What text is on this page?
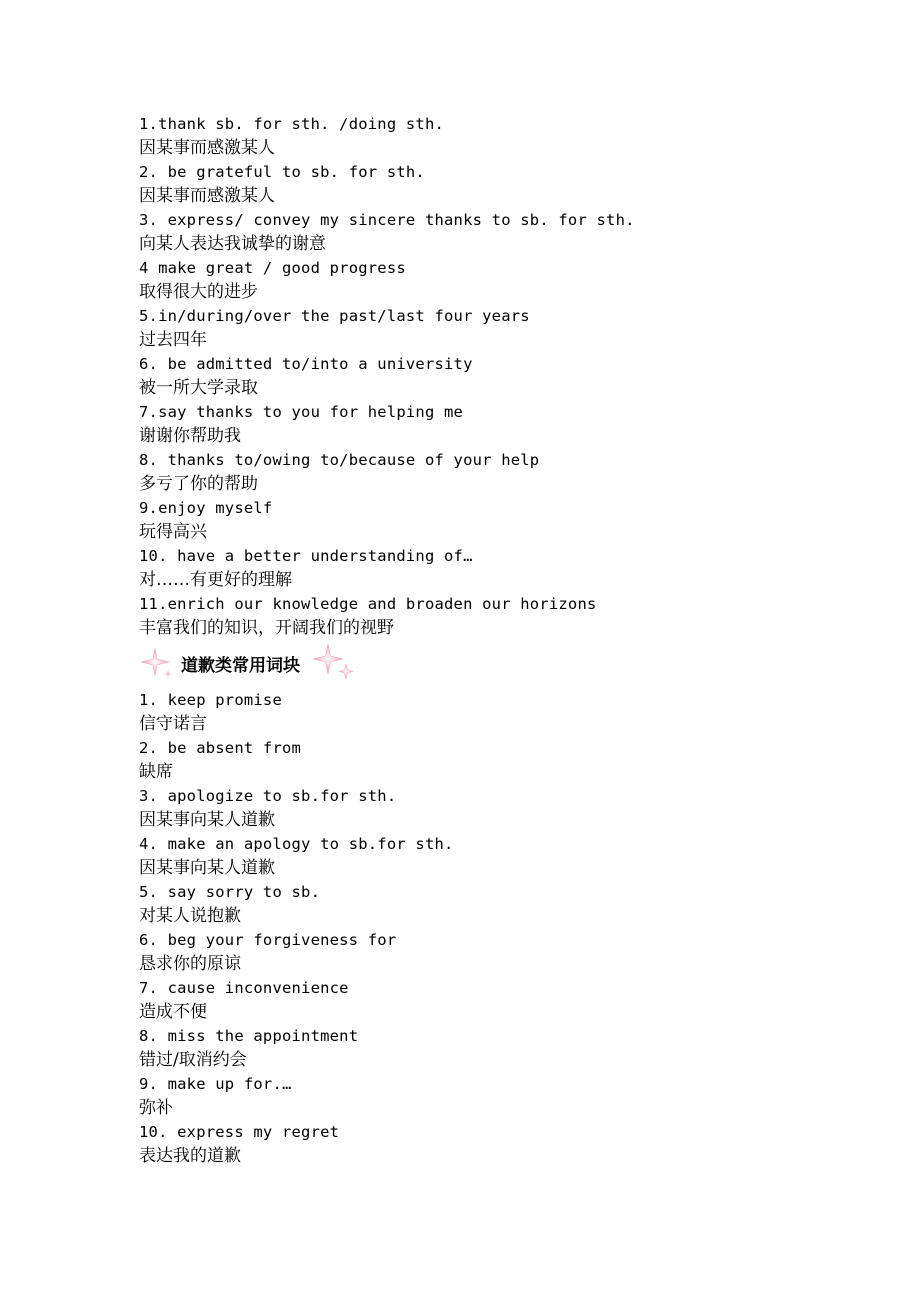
1.thank sb. for sth. /doing sth.
因某事而感激某人
2. be grateful to sb. for sth.
因某事而感激某人
3. express/ convey my sincere thanks to sb. for sth.
向某人表达我诚挚的谢意
4 make great / good progress
取得很大的进步
5.in/during/over the past/last four years
过去四年
6. be admitted to/into a university
被一所大学录取
7.say thanks to you for helping me
谢谢你帮助我
8. thanks to/owing to/because of your help
多亏了你的帮助
9.enjoy myself
玩得高兴
10. have a better understanding of…
对……有更好的理解
11.enrich our knowledge and broaden our horizons
丰富我们的知识，开阔我们的视野
道歉类常用词块
1. keep promise
信守诺言
2. be absent from
缺席
3. apologize to sb.for sth.
因某事向某人道歉
4. make an apology to sb.for sth.
因某事向某人道歉
5. say sorry to sb.
对某人说抱歉
6. beg your forgiveness for
恳求你的原谅
7. cause inconvenience
造成不便
8. miss the appointment
错过/取消约会
9. make up for.…
弥补
10. express my regret
表达我的道歉
